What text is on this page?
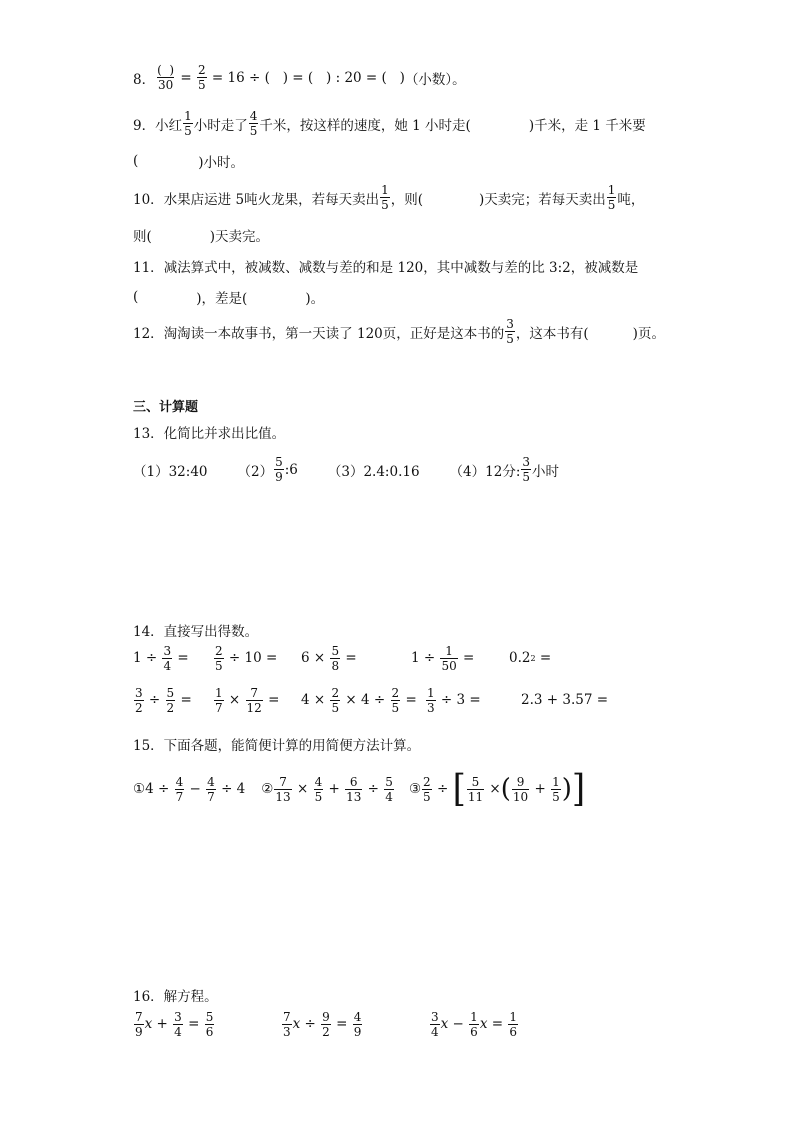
8． $\frac{( )}{30} = \frac{2}{5} = 16$ ÷ (   ) = (   ) : 20 = (   ) （小数）。
9． 小红 $\frac{1}{5}$ 小时走了 $\frac{4}{5}$ 千米，按这样的速度，她 1 小时走(	)千米，走 1 千米要
(	)小时。
10． 水果店运进 5吨火龙果，若每天卖出 $\frac{1}{5}$ ，则(	)天卖完；若每天卖出 $\frac{1}{5}$ 吨，
则(	)天卖完。
11． 减法算式中，被减数、减数与差的和是 120，其中减数与差的比 3:2，被减数是
(	)，差是(	)。
12． 淘淘读一本故事书，第一天读了 120页，正好是这本书的 $\frac{3}{5}$ ，这本书有(	)页。
三、计算题
13．化简比并求出比值。
（1）32:40 $(2) \frac{5}{9}$ :6 （3）2.4:0.16 （4）12分: $\frac{3}{5}$ 小时
14．直接写出得数。
$1 \div \frac{3}{4} = \frac{2}{5} \div 10 = 6 \times \frac{5}{8}$ =	$1 \div \frac{1}{50}$ =	0.2 2 =
$\frac{3}{2} \div \frac{5}{2} = \frac{1}{7} \times \frac{7}{12} = 4 \times \frac{2}{5} \times 4 \div \frac{2}{5} = \frac{1}{3} \div 3$ =	2.3 + 3.57 =
15．下面各题，能简便计算的用简便方法计算。
①4 ÷ $\frac{4}{7} - \frac{4}{7} \div 4$ ② $\frac{7}{13} \times \frac{4}{5} + \frac{6}{13} \div \frac{5}{4}$ ③ $\frac{2}{5}$ ÷ [ $\frac{5}{11}$ × ( $\frac{9}{10} + \frac{1}{5}$ ) ]
16．解方程。
$\frac{7}{9}$ $x + \frac{3}{4} = \frac{5}{6}$	$\frac{7}{3}$ $x \div \frac{9}{2} = \frac{4}{9}$	$\frac{3}{4}$ $x - \frac{1}{6}$ $x = \frac{1}{6}$
